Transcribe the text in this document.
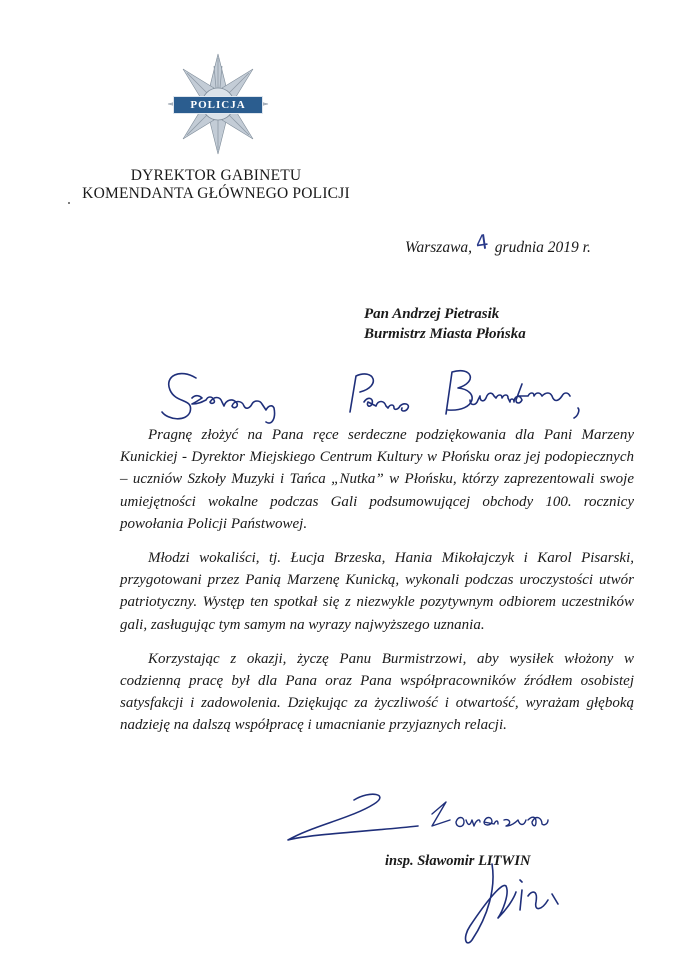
POLICJA
DYREKTOR GABINETU
KOMENDANTA GŁÓWNEGO POLICJI
Warszawa,4 grudnia 2019 r.
Pan Andrzej Pietrasik
Burmistrz Miasta Płońska

Pragnę złożyć na Pana ręce serdeczne podziękowania dla Pani Marzeny Kunickiej - Dyrektor Miejskiego Centrum Kultury w Płońsku oraz jej podopiecznych – uczniów Szkoły Muzyki i Tańca „Nutka” w Płońsku, którzy zaprezentowali swoje umiejętności wokalne podczas Gali podsumowującej obchody 100. rocznicy powołania Policji Państwowej.

Młodzi wokaliści, tj. Łucja Brzeska, Hania Mikołajczyk i Karol Pisarski, przygotowani przez Panią Marzenę Kunicką, wykonali podczas uroczystości utwór patriotyczny. Występ ten spotkał się z niezwykle pozytywnym odbiorem uczestników gali, zasługując tym samym na wyrazy najwyższego uznania.

Korzystając z okazji, życzę Panu Burmistrzowi, aby wysiłek włożony w codzienną pracę był dla Pana oraz Pana współpracowników źródłem osobistej satysfakcji i zadowolenia. Dziękując za życzliwość i otwartość, wyrażam głęboką nadzieję na dalszą współpracę i umacnianie przyjaznych relacji.

insp. Sławomir LITWIN
